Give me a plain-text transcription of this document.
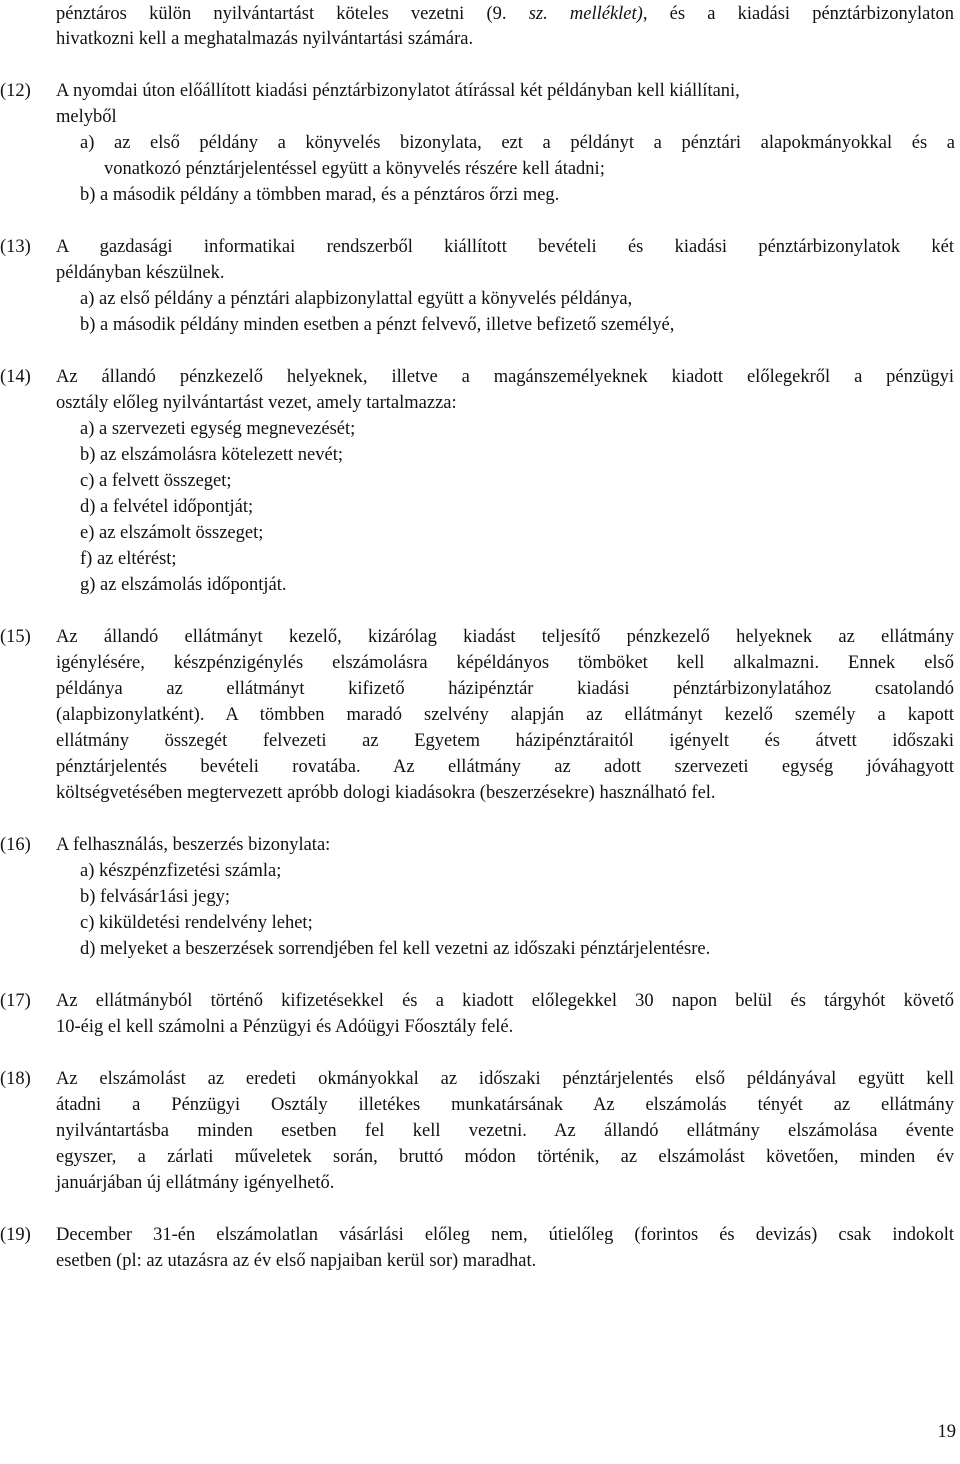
pénztáros külön nyilvántartást köteles vezetni (9. sz. melléklet), és a kiadási pénztárbizonylaton
hivatkozni kell a meghatalmazás nyilvántartási számára.
(12) A nyomdai úton előállított kiadási pénztárbizonylatot átírással két példányban kell kiállítani,
melyből
a) az első példány a könyvelés bizonylata, ezt a példányt a pénztári alapokmányokkal és a
vonatkozó pénztárjelentéssel együtt a könyvelés részére kell átadni;
b) a második példány a tömbben marad, és a pénztáros őrzi meg.
(13) A gazdasági informatikai rendszerből kiállított bevételi és kiadási pénztárbizonylatok két
példányban készülnek.
a) az első példány a pénztári alapbizonylattal együtt a könyvelés példánya,
b) a második példány minden esetben a pénzt felvevő, illetve befizető személyé,
(14) Az állandó pénzkezelő helyeknek, illetve a magánszemélyeknek kiadott előlegekről a pénzügyi
osztály előleg nyilvántartást vezet, amely tartalmazza:
a) a szervezeti egység megnevezését;
b) az elszámolásra kötelezett nevét;
c) a felvett összeget;
d) a felvétel időpontját;
e) az elszámolt összeget;
f) az eltérést;
g) az elszámolás időpontját.
(15) Az állandó ellátmányt kezelő, kizárólag kiadást teljesítő pénzkezelő helyeknek az ellátmány
igénylésére, készpénzigénylés elszámolásra képéldányos tömböket kell alkalmazni. Ennek első
példánya az ellátmányt kifizető házipénztár kiadási pénztárbizonylatához csatolandó
(alapbizonylatként). A tömbben maradó szelvény alapján az ellátmányt kezelő személy a kapott
ellátmány összegét felvezeti az Egyetem házipénztáraitól igényelt és átvett időszaki
pénztárjelentés bevételi rovatába. Az ellátmány az adott szervezeti egység jóváhagyott
költségvetésében megtervezett apróbb dologi kiadásokra (beszerzésekre) használható fel.
(16) A felhasználás, beszerzés bizonylata:
a) készpénzfizetési számla;
b) felvásár1ási jegy;
c) kiküldetési rendelvény lehet;
d) melyeket a beszerzések sorrendjében fel kell vezetni az időszaki pénztárjelentésre.
(17) Az ellátmányból történő kifizetésekkel és a kiadott előlegekkel 30 napon belül és tárgyhót követő
10-éig el kell számolni a Pénzügyi és Adóügyi Főosztály felé.
(18) Az elszámolást az eredeti okmányokkal az időszaki pénztárjelentés első példányával együtt kell
átadni a Pénzügyi Osztály illetékes munkatársának Az elszámolás tényét az ellátmány
nyilvántartásba minden esetben fel kell vezetni. Az állandó ellátmány elszámolása évente
egyszer, a zárlati műveletek során, bruttó módon történik, az elszámolást követően, minden év
januárjában új ellátmány igényelhető.
(19) December 31-én elszámolatlan vásárlási előleg nem, útielőleg (forintos és devizás) csak indokolt
esetben (pl: az utazásra az év első napjaiban kerül sor) maradhat.
19
